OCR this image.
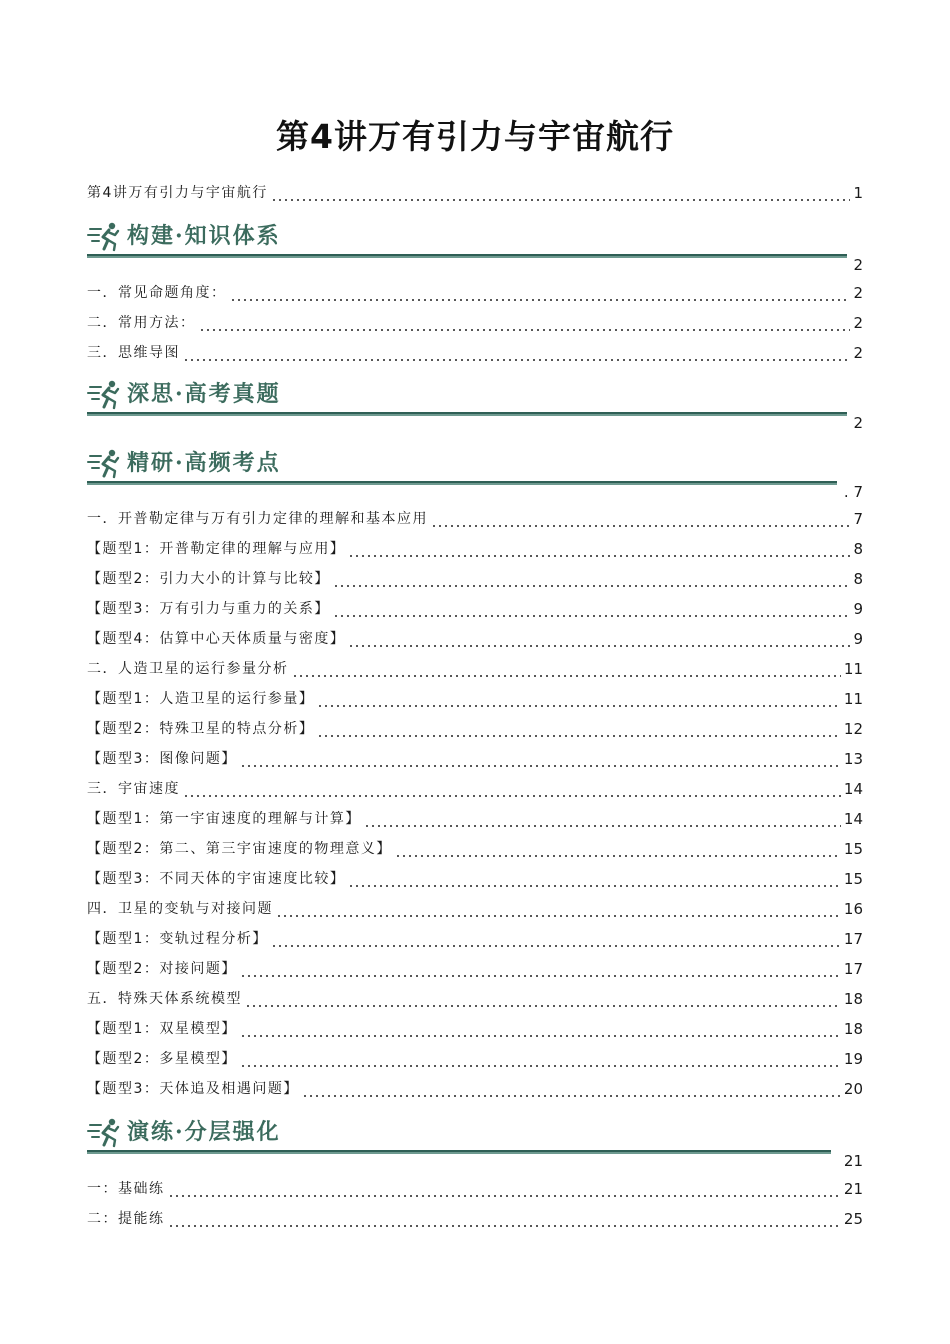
第4讲万有引力与宇宙航行
第4讲万有引力与宇宙航行	1
构建·知识体系
2
一．常见命题角度：	2
二．常用方法：	2
三．思维导图	2
深思·高考真题
2
精研·高频考点
. 7
一．开普勒定律与万有引力定律的理解和基本应用	7
【题型1：开普勒定律的理解与应用】	8
【题型2：引力大小的计算与比较】	8
【题型3：万有引力与重力的关系】	9
【题型4：估算中心天体质量与密度】	9
二．人造卫星的运行参量分析	11
【题型1：人造卫星的运行参量】	11
【题型2：特殊卫星的特点分析】	12
【题型3：图像问题】	13
三．宇宙速度	14
【题型1：第一宇宙速度的理解与计算】	14
【题型2：第二、第三宇宙速度的物理意义】	15
【题型3：不同天体的宇宙速度比较】	15
四．卫星的变轨与对接问题	16
【题型1：变轨过程分析】	17
【题型2：对接问题】	17
五．特殊天体系统模型	18
【题型1：双星模型】	18
【题型2：多星模型】	19
【题型3：天体追及相遇问题】	20
演练·分层强化
21
一：基础练	21
二：提能练	25
